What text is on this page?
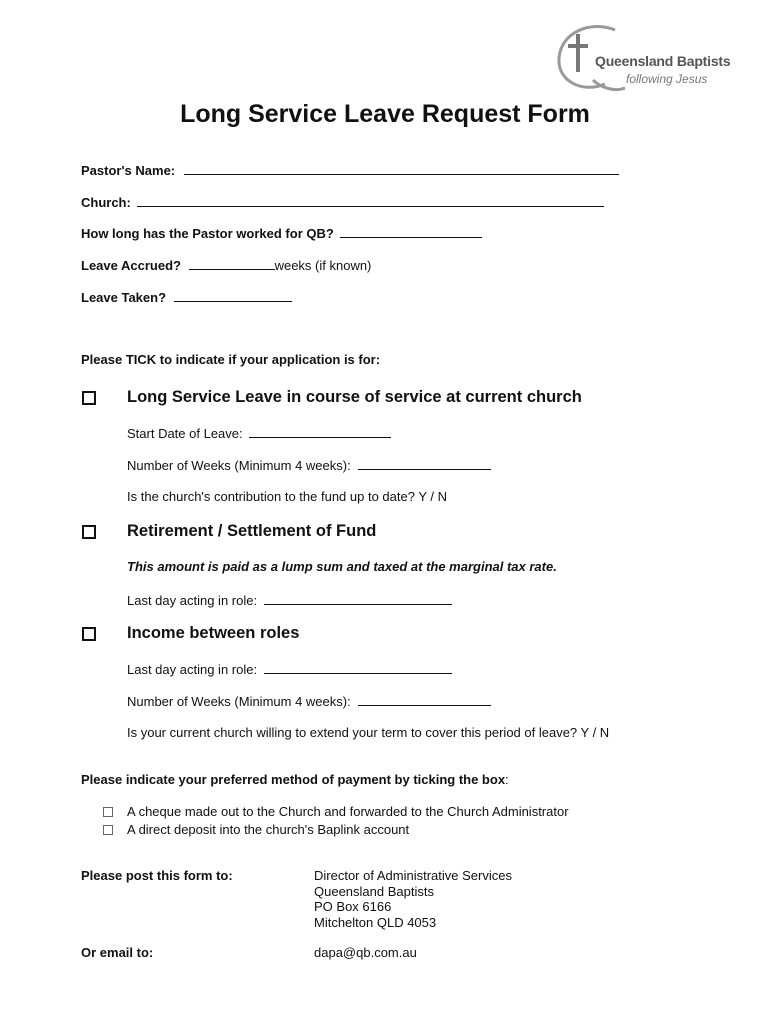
Queensland Baptists
following Jesus
Long Service Leave Request Form
Pastor's Name:
Church:
How long has the Pastor worked for QB?
Leave Accrued?	weeks (if known)
Leave Taken?
Please TICK to indicate if your application is for:
Long Service Leave in course of service at current church
Start Date of Leave:
Number of Weeks (Minimum 4 weeks):
Is the church's contribution to the fund up to date? Y / N
Retirement / Settlement of Fund
This amount is paid as a lump sum and taxed at the marginal tax rate.
Last day acting in role:
Income between roles
Last day acting in role:
Number of Weeks (Minimum 4 weeks):
Is your current church willing to extend your term to cover this period of leave? Y / N
Please indicate your preferred method of payment by ticking the box:
A cheque made out to the Church and forwarded to the Church Administrator
A direct deposit into the church's Baplink account
Please post this form to:	Director of Administrative Services
Queensland Baptists
PO Box 6166
Mitchelton QLD 4053
Or email to:	dapa@qb.com.au
